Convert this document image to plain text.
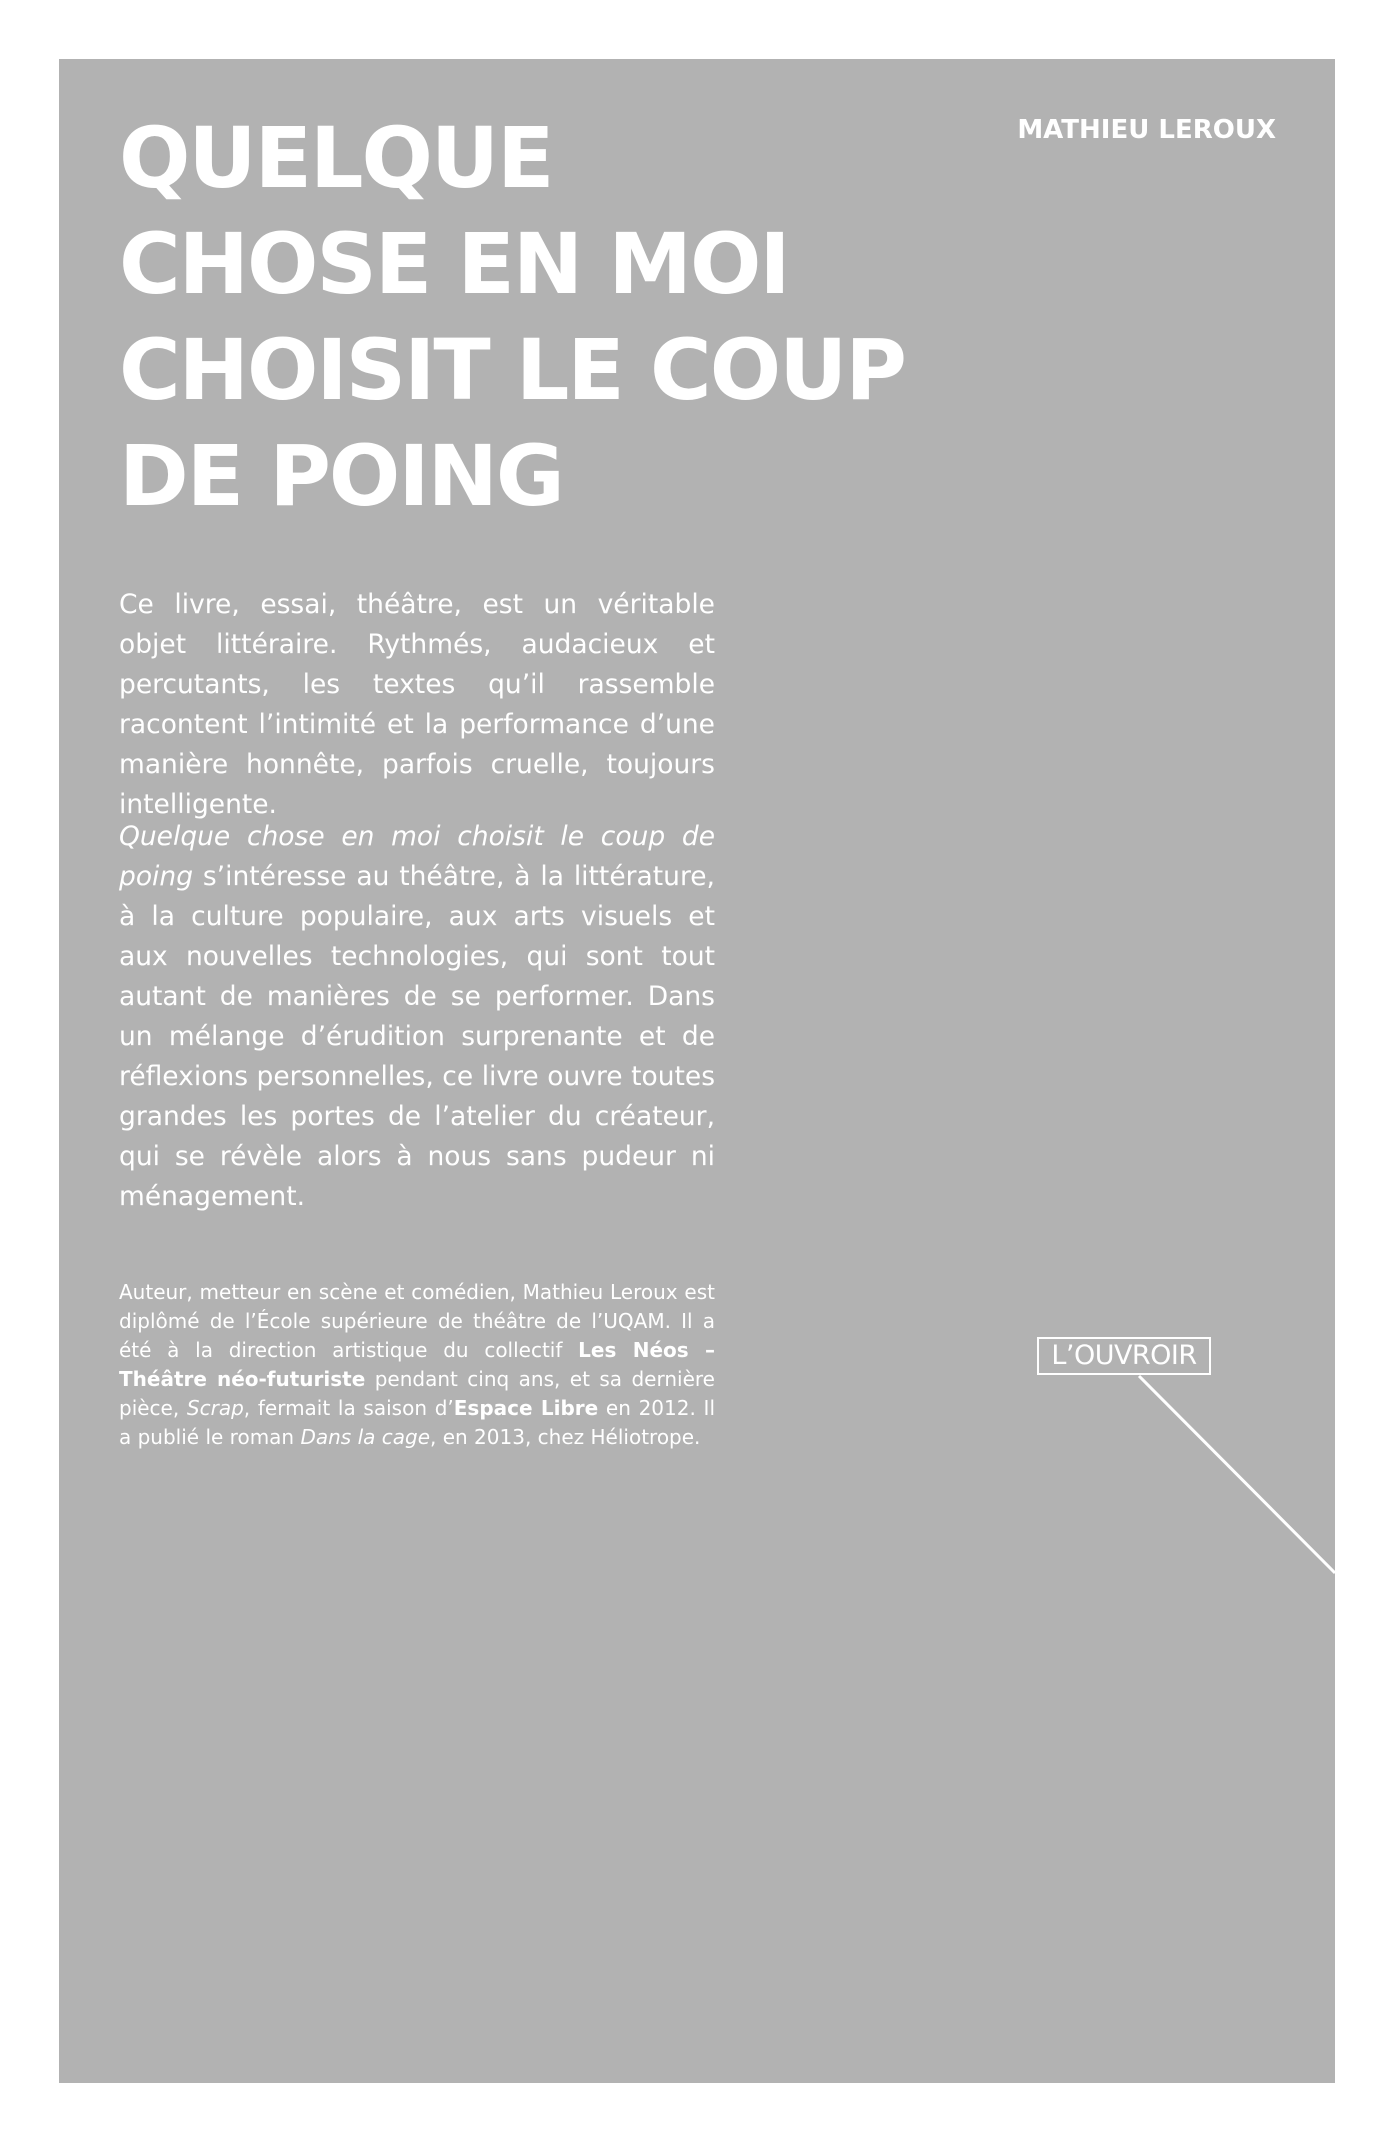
QUELQUE
CHOSE EN MOI
CHOISIT LE COUP
DE POING
MATHIEU LEROUX

Ce livre, essai, théâtre, est un véritable objet littéraire. Rythmés, audacieux et percutants, les textes qu’il rassemble racontent l’intimité et la performance d’une manière honnête, parfois cruelle, toujours intelligente.

Quelque chose en moi choisit le coup de poing s’intéresse au théâtre, à la littérature, à la culture populaire, aux arts visuels et aux nouvelles technologies, qui sont tout autant de manières de se performer. Dans un mélange d’érudition surprenante et de réflexions personnelles, ce livre ouvre toutes grandes les portes de l’atelier du créateur, qui se révèle alors à nous sans pudeur ni ménagement.

Auteur, metteur en scène et comédien, Mathieu Leroux est diplômé de l’École supérieure de théâtre de l’UQAM. Il a été à la direction artistique du collectif Les Néos – Théâtre néo-futuriste pendant cinq ans, et sa dernière pièce, Scrap, fermait la saison d’Espace Libre en 2012. Il a publié le roman Dans la cage, en 2013, chez Héliotrope.

L’OUVROIR
